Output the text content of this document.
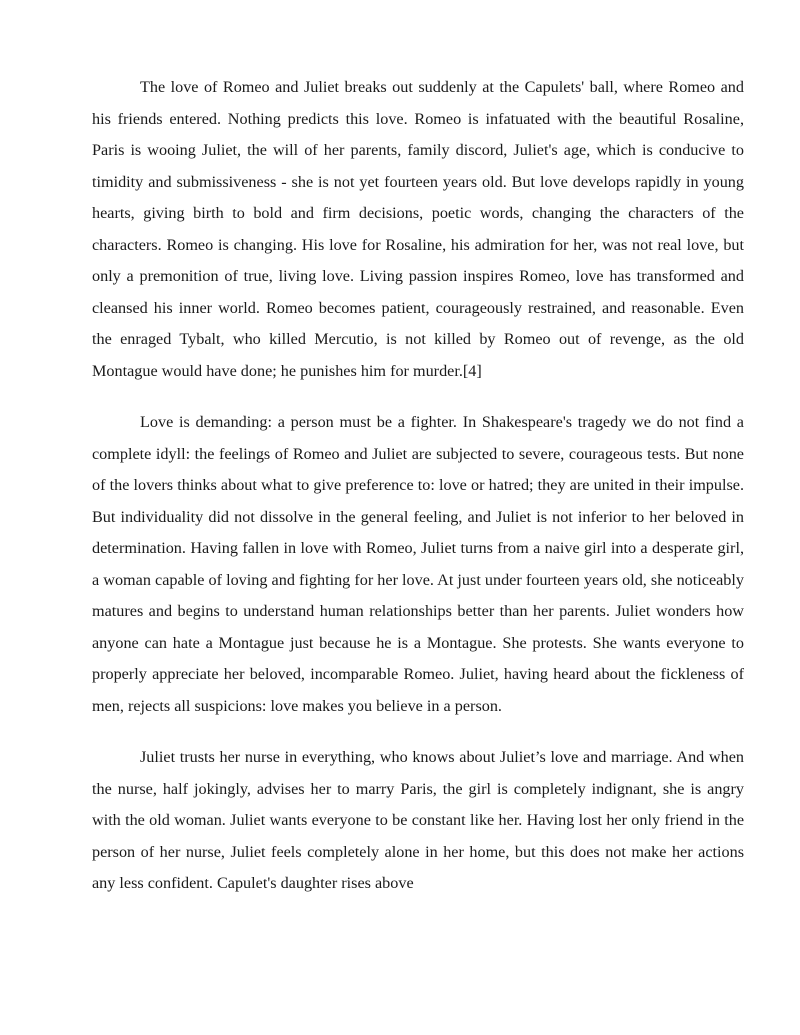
The love of Romeo and Juliet breaks out suddenly at the Capulets' ball, where Romeo and his friends entered. Nothing predicts this love. Romeo is infatuated with the beautiful Rosaline, Paris is wooing Juliet, the will of her parents, family discord, Juliet's age, which is conducive to timidity and submissiveness - she is not yet fourteen years old. But love develops rapidly in young hearts, giving birth to bold and firm decisions, poetic words, changing the characters of the characters. Romeo is changing. His love for Rosaline, his admiration for her, was not real love, but only a premonition of true, living love. Living passion inspires Romeo, love has transformed and cleansed his inner world. Romeo becomes patient, courageously restrained, and reasonable. Even the enraged Tybalt, who killed Mercutio, is not killed by Romeo out of revenge, as the old Montague would have done; he punishes him for murder.[4]

Love is demanding: a person must be a fighter. In Shakespeare's tragedy we do not find a complete idyll: the feelings of Romeo and Juliet are subjected to severe, courageous tests. But none of the lovers thinks about what to give preference to: love or hatred; they are united in their impulse. But individuality did not dissolve in the general feeling, and Juliet is not inferior to her beloved in determination. Having fallen in love with Romeo, Juliet turns from a naive girl into a desperate girl, a woman capable of loving and fighting for her love. At just under fourteen years old, she noticeably matures and begins to understand human relationships better than her parents. Juliet wonders how anyone can hate a Montague just because he is a Montague. She protests. She wants everyone to properly appreciate her beloved, incomparable Romeo. Juliet, having heard about the fickleness of men, rejects all suspicions: love makes you believe in a person.

Juliet trusts her nurse in everything, who knows about Juliet’s love and marriage. And when the nurse, half jokingly, advises her to marry Paris, the girl is completely indignant, she is angry with the old woman. Juliet wants everyone to be constant like her. Having lost her only friend in the person of her nurse, Juliet feels completely alone in her home, but this does not make her actions any less confident. Capulet's daughter rises above
